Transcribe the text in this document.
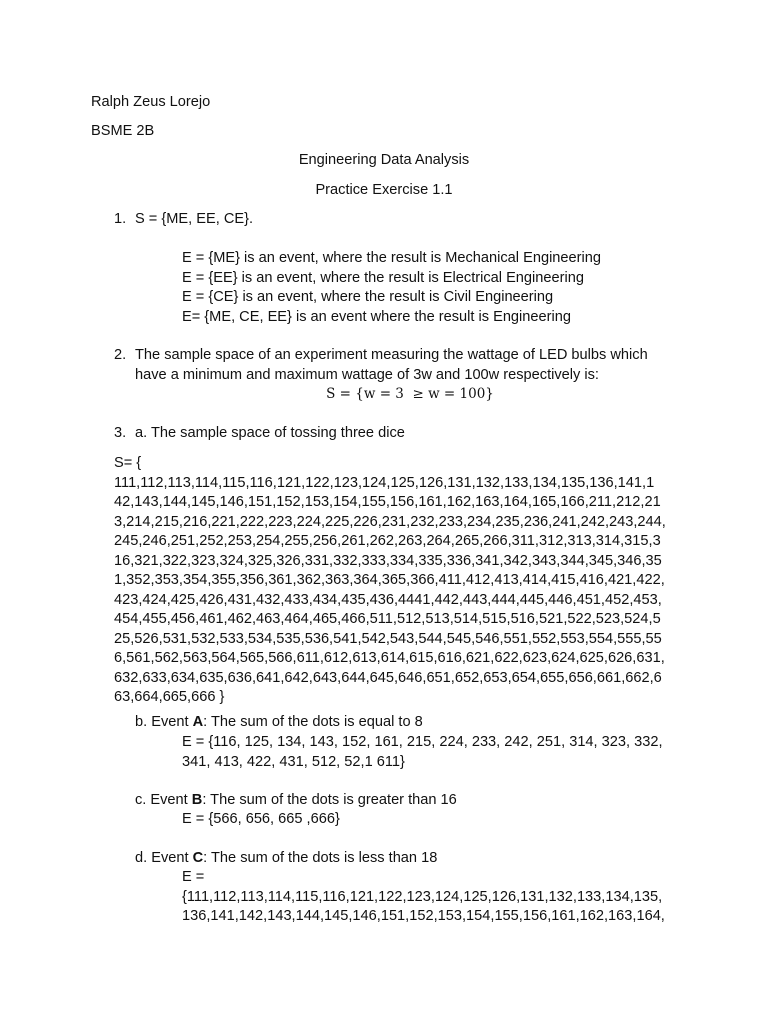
Ralph Zeus Lorejo
BSME 2B
Engineering Data Analysis
Practice Exercise 1.1
1. S = {ME, EE, CE}.
E = {ME} is an event, where the result is Mechanical Engineering
E = {EE} is an event, where the result is Electrical Engineering
E = {CE} is an event, where the result is Civil Engineering
E= {ME, CE, EE} is an event where the result is Engineering
2. The sample space of an experiment measuring the wattage of LED bulbs which
have a minimum and maximum wattage of 3w and 100w respectively is:
S = {w = 3  ≥ w = 100}
3. a. The sample space of tossing three dice
S= {
111,112,113,114,115,116,121,122,123,124,125,126,131,132,133,134,135,136,141,1
42,143,144,145,146,151,152,153,154,155,156,161,162,163,164,165,166,211,212,21
3,214,215,216,221,222,223,224,225,226,231,232,233,234,235,236,241,242,243,244,
245,246,251,252,253,254,255,256,261,262,263,264,265,266,311,312,313,314,315,3
16,321,322,323,324,325,326,331,332,333,334,335,336,341,342,343,344,345,346,35
1,352,353,354,355,356,361,362,363,364,365,366,411,412,413,414,415,416,421,422,
423,424,425,426,431,432,433,434,435,436,4441,442,443,444,445,446,451,452,453,
454,455,456,461,462,463,464,465,466,511,512,513,514,515,516,521,522,523,524,5
25,526,531,532,533,534,535,536,541,542,543,544,545,546,551,552,553,554,555,55
6,561,562,563,564,565,566,611,612,613,614,615,616,621,622,623,624,625,626,631,
632,633,634,635,636,641,642,643,644,645,646,651,652,653,654,655,656,661,662,6
63,664,665,666 }
b. Event A: The sum of the dots is equal to 8
E = {116, 125, 134, 143, 152, 161, 215, 224, 233, 242, 251, 314, 323, 332,
341, 413, 422, 431, 512, 52,1 611}
c. Event B: The sum of the dots is greater than 16
E = {566, 656, 665 ,666}
d. Event C: The sum of the dots is less than 18
E =
{111,112,113,114,115,116,121,122,123,124,125,126,131,132,133,134,135,
136,141,142,143,144,145,146,151,152,153,154,155,156,161,162,163,164,
